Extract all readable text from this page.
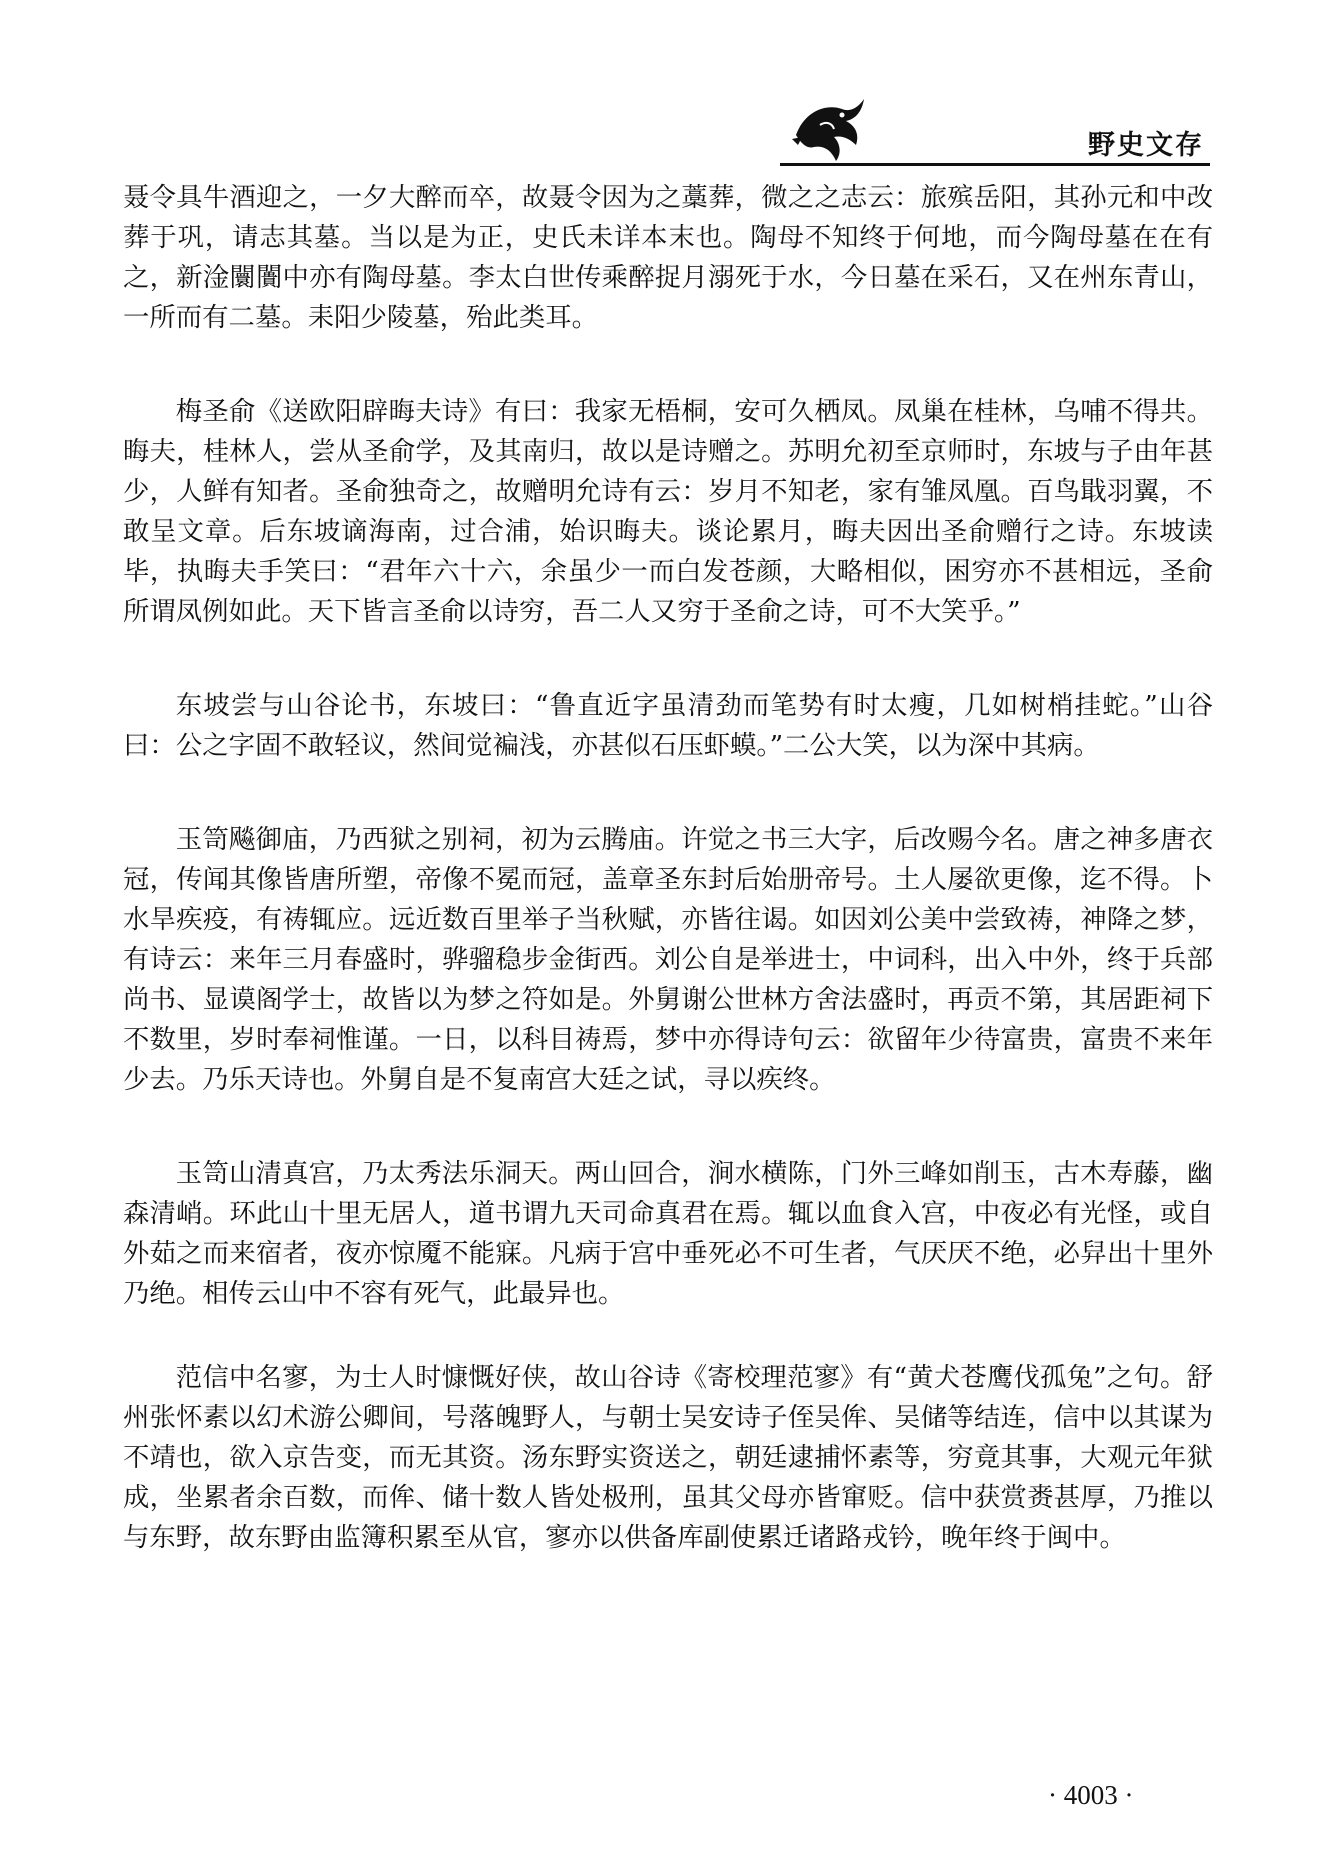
野史文存

聂令具牛酒迎之，一夕大醉而卒，故聂令因为之藁葬，微之之志云：旅殡岳阳，其孙元和中改葬于巩，请志其墓。当以是为正，史氏未详本末也。陶母不知终于何地，而今陶母墓在在有之，新淦闤闠中亦有陶母墓。李太白世传乘醉捉月溺死于水，今日墓在采石，又在州东青山，一所而有二墓。耒阳少陵墓，殆此类耳。

梅圣俞《送欧阳辟晦夫诗》有曰：我家无梧桐，安可久栖凤。凤巢在桂林，乌哺不得共。晦夫，桂林人，尝从圣俞学，及其南归，故以是诗赠之。苏明允初至京师时，东坡与子由年甚少，人鲜有知者。圣俞独奇之，故赠明允诗有云：岁月不知老，家有雏凤凰。百鸟戢羽翼，不敢呈文章。后东坡谪海南，过合浦，始识晦夫。谈论累月，晦夫因出圣俞赠行之诗。东坡读毕，执晦夫手笑曰：“君年六十六，余虽少一而白发苍颜，大略相似，困穷亦不甚相远，圣俞所谓凤例如此。天下皆言圣俞以诗穷，吾二人又穷于圣俞之诗，可不大笑乎。”

东坡尝与山谷论书，东坡曰：“鲁直近字虽清劲而笔势有时太瘦，几如树梢挂蛇。”山谷曰：公之字固不敢轻议，然间觉褊浅，亦甚似石压虾蟆。”二公大笑，以为深中其病。

玉笥飚御庙，乃西狱之别祠，初为云腾庙。许觉之书三大字，后改赐今名。唐之神多唐衣冠，传闻其像皆唐所塑，帝像不冕而冠，盖章圣东封后始册帝号。土人屡欲更像，迄不得。卜水旱疾疫，有祷辄应。远近数百里举子当秋赋，亦皆往谒。如因刘公美中尝致祷，神降之梦，有诗云：来年三月春盛时，骅骝稳步金街西。刘公自是举进士，中词科，出入中外，终于兵部尚书、显谟阁学士，故皆以为梦之符如是。外舅谢公世林方舍法盛时，再贡不第，其居距祠下不数里，岁时奉祠惟谨。一日，以科目祷焉，梦中亦得诗句云：欲留年少待富贵，富贵不来年少去。乃乐天诗也。外舅自是不复南宫大廷之试，寻以疾终。

玉笥山清真宫，乃太秀法乐洞天。两山回合，涧水横陈，门外三峰如削玉，古木寿藤，幽森清峭。环此山十里无居人，道书谓九天司命真君在焉。辄以血食入宫，中夜必有光怪，或自外茹之而来宿者，夜亦惊魇不能寐。凡病于宫中垂死必不可生者，气厌厌不绝，必舁出十里外乃绝。相传云山中不容有死气，此最异也。

范信中名寥，为士人时慷慨好侠，故山谷诗《寄校理范寥》有“黄犬苍鹰伐孤兔”之句。舒州张怀素以幻术游公卿间，号落魄野人，与朝士吴安诗子侄吴侔、吴储等结连，信中以其谋为不靖也，欲入京告变，而无其资。汤东野实资送之，朝廷逮捕怀素等，穷竟其事，大观元年狱成，坐累者余百数，而侔、储十数人皆处极刑，虽其父母亦皆窜贬。信中获赏赉甚厚，乃推以与东野，故东野由监簿积累至从官，寥亦以供备库副使累迁诸路戎钤，晚年终于闽中。

· 4003 ·
